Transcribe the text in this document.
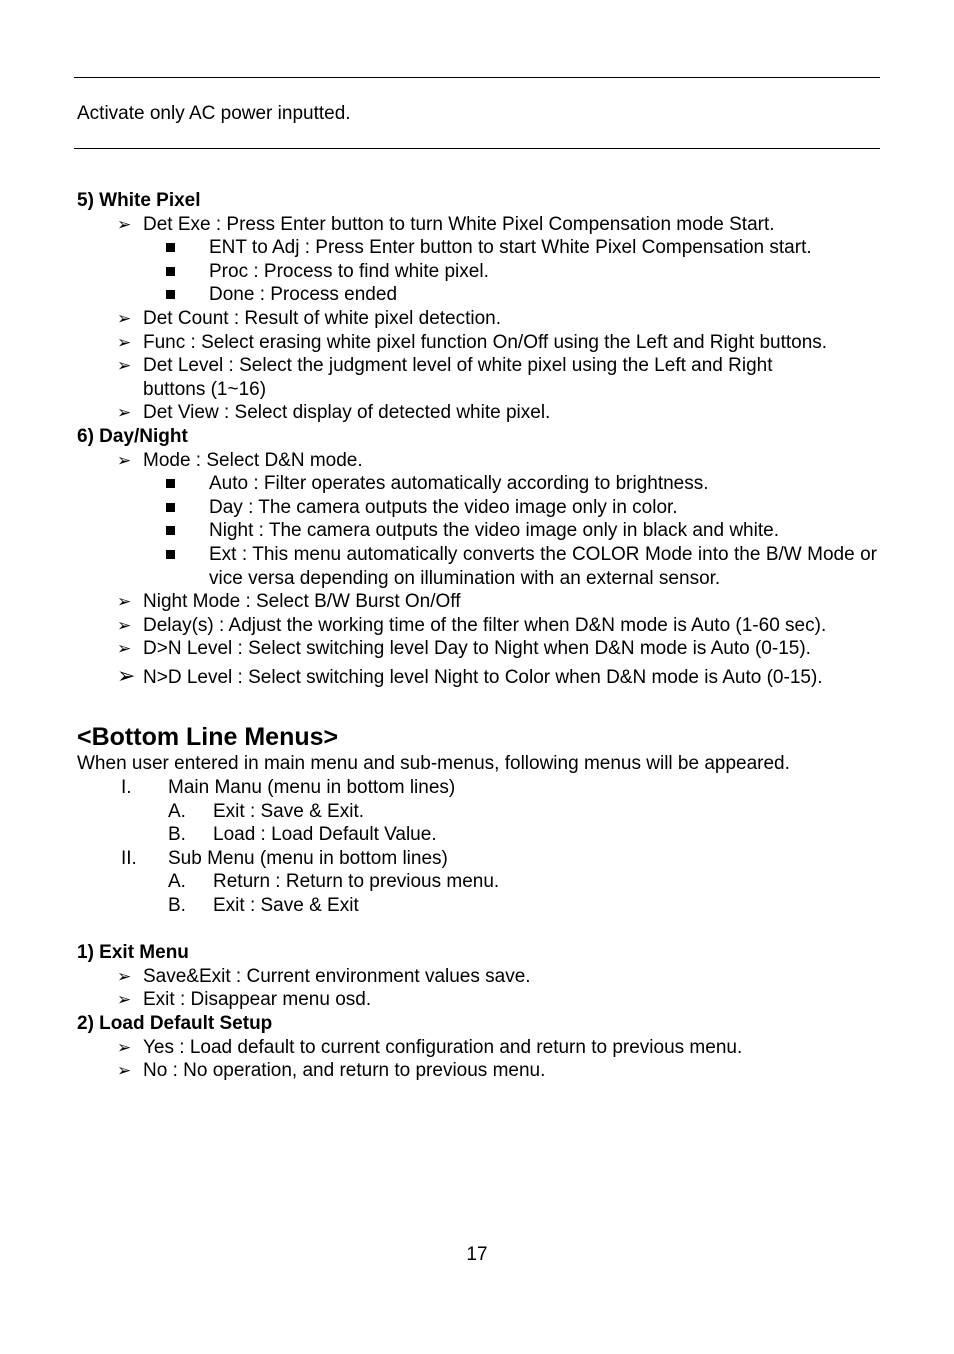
Activate only AC power inputted.
5) White Pixel
➢ Det Exe : Press Enter button to turn White Pixel Compensation mode Start.
ENT to Adj : Press Enter button to start White Pixel Compensation start.
Proc : Process to find white pixel.
Done : Process ended
➢ Det Count : Result of white pixel detection.
➢ Func : Select erasing white pixel function On/Off using the Left and Right buttons.
➢ Det Level : Select the judgment level of white pixel using the Left and Right buttons (1~16)
➢ Det View : Select display of detected white pixel.
6) Day/Night
➢ Mode : Select D&N mode.
Auto : Filter operates automatically according to brightness.
Day : The camera outputs the video image only in color.
Night : The camera outputs the video image only in black and white.
Ext : This menu automatically converts the COLOR Mode into the B/W Mode or vice versa depending on illumination with an external sensor.
➢ Night Mode : Select B/W Burst On/Off
➢ Delay(s) : Adjust the working time of the filter when D&N mode is Auto (1-60 sec).
➢ D>N Level : Select switching level Day to Night when D&N mode is Auto (0-15).
➢ N>D Level : Select switching level Night to Color when D&N mode is Auto (0-15).
<Bottom Line Menus>
When user entered in main menu and sub-menus, following menus will be appeared.
I. Main Manu (menu in bottom lines)
A. Exit : Save & Exit.
B. Load : Load Default Value.
II. Sub Menu (menu in bottom lines)
A. Return : Return to previous menu.
B. Exit : Save & Exit
1) Exit Menu
➢ Save&Exit : Current environment values save.
➢ Exit : Disappear menu osd.
2) Load Default Setup
➢ Yes : Load default to current configuration and return to previous menu.
➢ No : No operation, and return to previous menu.
17
